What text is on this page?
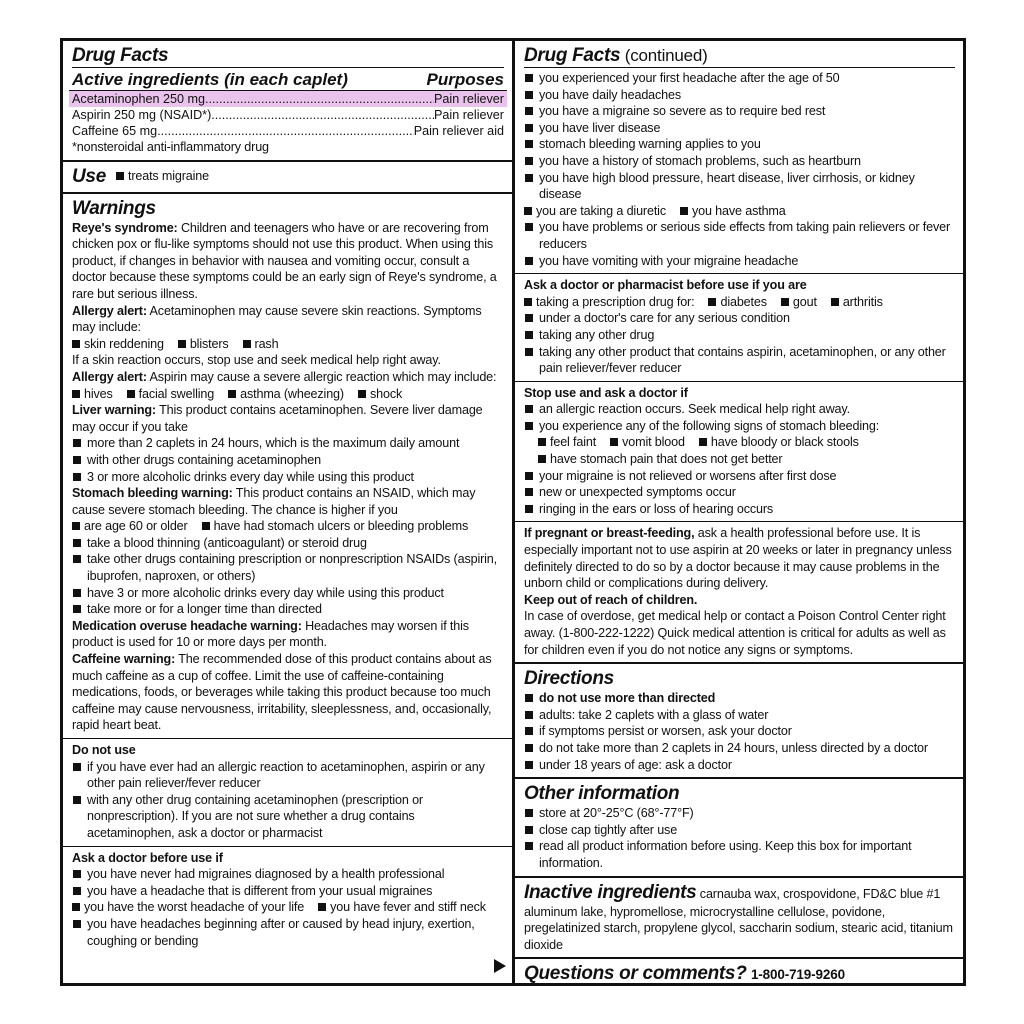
Drug Facts
Active ingredients (in each caplet)	Purposes
Acetaminophen 250 mg .....	Pain reliever
Aspirin 250 mg (NSAID*) .....	Pain reliever
Caffeine 65 mg .....	Pain reliever aid
*nonsteroidal anti-inflammatory drug
Use	treats migraine
Warnings
Reye's syndrome: Children and teenagers who have or are recovering from chicken pox or flu-like symptoms should not use this product. When using this product, if changes in behavior with nausea and vomiting occur, consult a doctor because these symptoms could be an early sign of Reye's syndrome, a rare but serious illness.
Allergy alert: Acetaminophen may cause severe skin reactions. Symptoms may include:
skin reddening blisters rash
If a skin reaction occurs, stop use and seek medical help right away.
Allergy alert: Aspirin may cause a severe allergic reaction which may include:
hives facial swelling asthma (wheezing) shock
Liver warning: This product contains acetaminophen. Severe liver damage may occur if you take
more than 2 caplets in 24 hours, which is the maximum daily amount
with other drugs containing acetaminophen
3 or more alcoholic drinks every day while using this product
Stomach bleeding warning: This product contains an NSAID, which may cause severe stomach bleeding. The chance is higher if you
are age 60 or older have had stomach ulcers or bleeding problems
take a blood thinning (anticoagulant) or steroid drug
take other drugs containing prescription or nonprescription NSAIDs (aspirin, ibuprofen, naproxen, or others)
have 3 or more alcoholic drinks every day while using this product
take more or for a longer time than directed
Medication overuse headache warning: Headaches may worsen if this product is used for 10 or more days per month.
Caffeine warning: The recommended dose of this product contains about as much caffeine as a cup of coffee. Limit the use of caffeine-containing medications, foods, or beverages while taking this product because too much caffeine may cause nervousness, irritability, sleeplessness, and, occasionally, rapid heart beat.
Do not use
if you have ever had an allergic reaction to acetaminophen, aspirin or any other pain reliever/fever reducer
with any other drug containing acetaminophen (prescription or nonprescription). If you are not sure whether a drug contains acetaminophen, ask a doctor or pharmacist
Ask a doctor before use if
you have never had migraines diagnosed by a health professional
you have a headache that is different from your usual migraines
you have the worst headache of your life you have fever and stiff neck
you have headaches beginning after or caused by head injury, exertion, coughing or bending
Drug Facts (continued)
you experienced your first headache after the age of 50
you have daily headaches
you have a migraine so severe as to require bed rest
you have liver disease
stomach bleeding warning applies to you
you have a history of stomach problems, such as heartburn
you have high blood pressure, heart disease, liver cirrhosis, or kidney disease
you are taking a diuretic you have asthma
you have problems or serious side effects from taking pain relievers or fever reducers
you have vomiting with your migraine headache
Ask a doctor or pharmacist before use if you are
taking a prescription drug for: diabetes gout arthritis
under a doctor's care for any serious condition
taking any other drug
taking any other product that contains aspirin, acetaminophen, or any other pain reliever/fever reducer
Stop use and ask a doctor if
an allergic reaction occurs. Seek medical help right away.
you experience any of the following signs of stomach bleeding:
feel faint vomit blood have bloody or black stools
have stomach pain that does not get better
your migraine is not relieved or worsens after first dose
new or unexpected symptoms occur
ringing in the ears or loss of hearing occurs
If pregnant or breast-feeding, ask a health professional before use. It is especially important not to use aspirin at 20 weeks or later in pregnancy unless definitely directed to do so by a doctor because it may cause problems in the unborn child or complications during delivery.
Keep out of reach of children.
In case of overdose, get medical help or contact a Poison Control Center right away. (1-800-222-1222) Quick medical attention is critical for adults as well as for children even if you do not notice any signs or symptoms.
Directions
do not use more than directed
adults: take 2 caplets with a glass of water
if symptoms persist or worsen, ask your doctor
do not take more than 2 caplets in 24 hours, unless directed by a doctor
under 18 years of age: ask a doctor
Other information
store at 20°-25°C (68°-77°F)
close cap tightly after use
read all product information before using. Keep this box for important information.
Inactive ingredients carnauba wax, crospovidone, FD&C blue #1 aluminum lake, hypromellose, microcrystalline cellulose, povidone, pregelatinized starch, propylene glycol, saccharin sodium, stearic acid, titanium dioxide
Questions or comments? 1-800-719-9260
